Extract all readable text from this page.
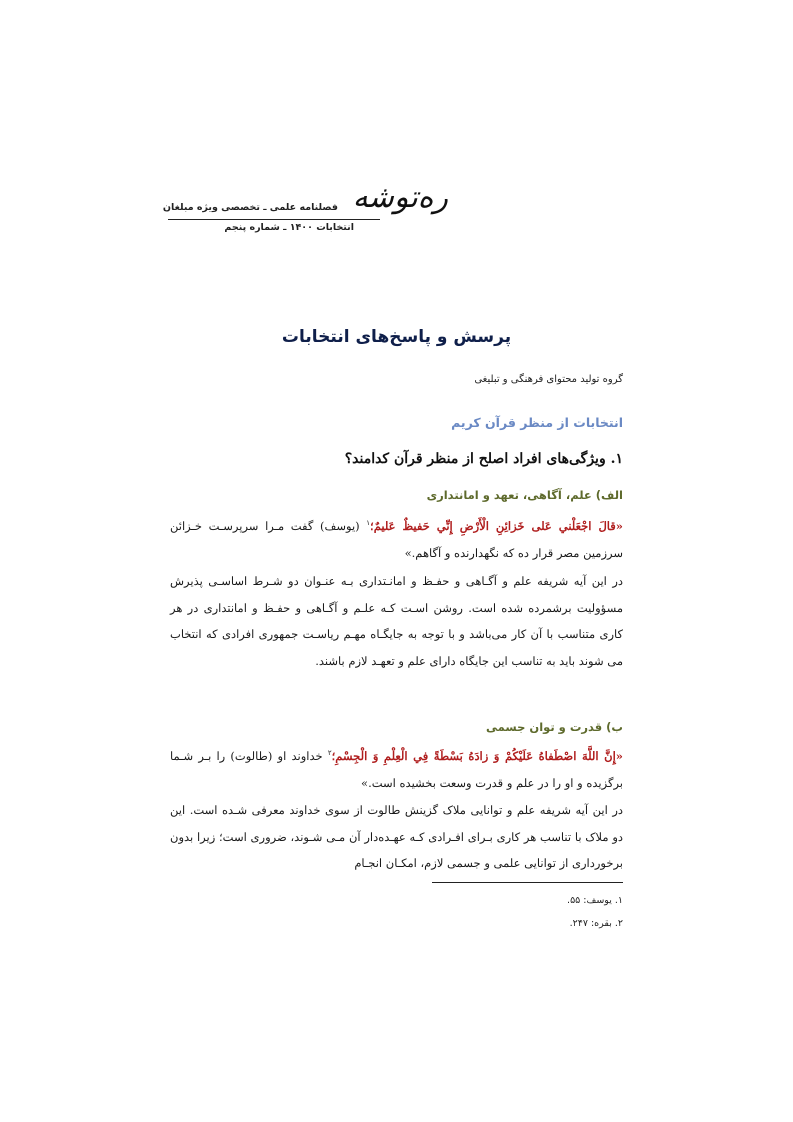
ره‌توشه
فصلنامه علمی ـ تخصصی ویژه مبلغان
انتخابات ۱۴۰۰ ـ شماره پنجم
پرسش و پاسخ‌های انتخابات
گروه تولید محتوای فرهنگی و تبلیغی
انتخابات از منظر قرآن کریم
۱. ویژگی‌های افراد اصلح از منظر قرآن کدامند؟
الف) علم، آگاهی، تعهد و امانتداری
«قالَ اجْعَلْني عَلی خَزائِنِ الْأَرْضِ إِنِّي حَفيظٌ عَليمٌ؛$^۱$ (یوسف) گفت مـرا سرپرسـت خـزائن سرزمین مصر قرار ده که نگهدارنده و آگاهم.»
در این آیه شریفه علم و آگـاهی و حفـظ و امانـتداری بـه عنـوان دو شـرط اساسـی پذیرش مسؤولیت برشمرده شده است. روشن اسـت کـه علـم و آگـاهی و حفـظ و امانتداری در هر کاری متناسب با آن کار می‌باشد و با توجه به جایگـاه مهـم ریاسـت جمهوری افرادی که انتخاب می شوند باید به تناسب این جایگاه دارای علم و تعهـد لازم باشند.
ب) قدرت و توان جسمی
«إِنَّ اللَّهَ اصْطَفاهُ عَلَيْكُمْ وَ زادَهُ بَسْطَةً فِي الْعِلْمِ وَ الْجِسْمِ؛$^۲$ خداوند او (طالوت) را بـر شـما برگزیده و او را در علم و قدرت وسعت بخشیده است.»
در این آیه شریفه علم و توانایی ملاک گزینش طالوت از سوی خداوند معرفی شـده است. این دو ملاک با تناسب هر کاری بـرای افـرادی کـه عهـده‌دار آن مـی شـوند، ضروری است؛ زیرا بدون برخورداری از توانایی علمی و جسمی لازم، امکـان انجـام
۱. یوسف: ۵۵.
۲. بقره: ۲۴۷.
